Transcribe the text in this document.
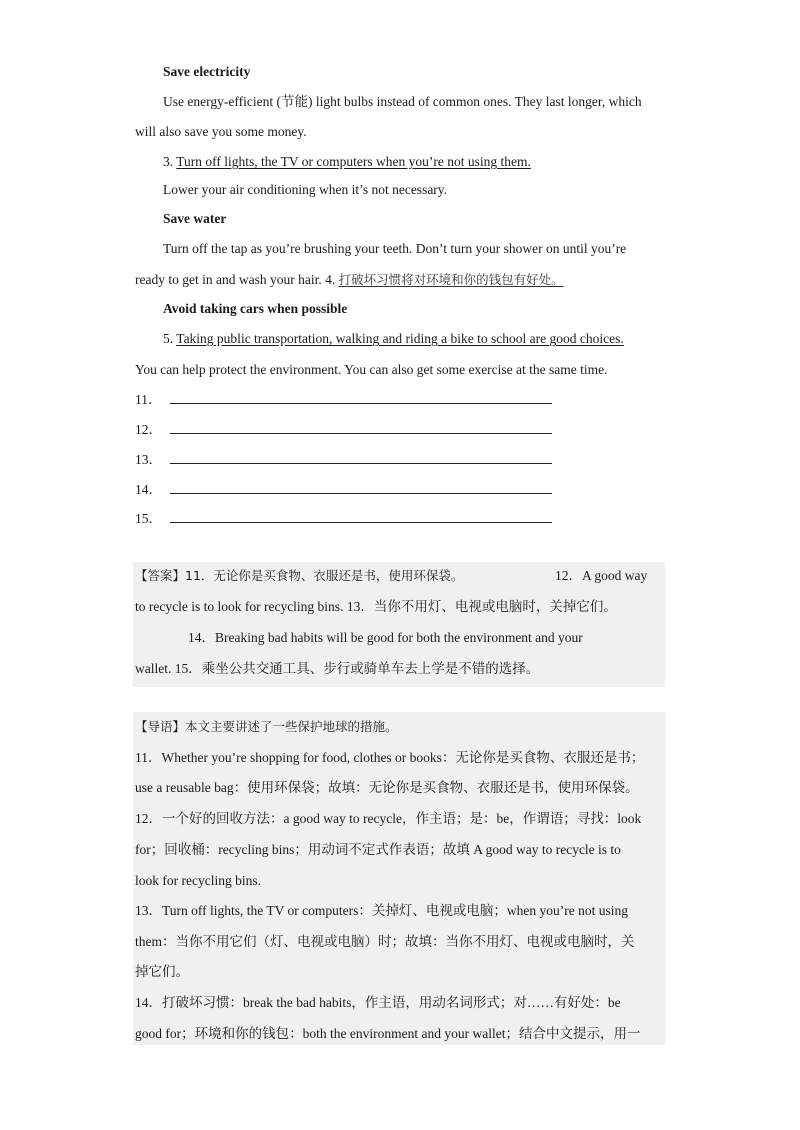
Save electricity
Use energy-efficient (节能) light bulbs instead of common ones. They last longer, which
will also save you some money.
3. Turn off lights, the TV or computers when you’re not using them.
Lower your air conditioning when it’s not necessary.
Save water
Turn off the tap as you’re brushing your teeth. Don’t turn your shower on until you’re
ready to get in and wash your hair. 4. 打破坏习惯将对环境和你的钱包有好处。
Avoid taking cars when possible
5. Taking public transportation, walking and riding a bike to school are good choices.
You can help protect the environment. You can also get some exercise at the same time.
11．
12．
13．
14．
15．
【答案】11．无论你是买食物、衣服还是书，使用环保袋。	12．A good way
to recycle is to look for recycling bins. 13．当你不用灯、电视或电脑时，关掉它们。
14．Breaking bad habits will be good for both the environment and your
wallet. 15．乘坐公共交通工具、步行或骑单车去上学是不错的选择。
【导语】本文主要讲述了一些保护地球的措施。
11．Whether you’re shopping for food, clothes or books：无论你是买食物、衣服还是书；
use a reusable bag：使用环保袋；故填：无论你是买食物、衣服还是书，使用环保袋。
12．一个好的回收方法：a good way to recycle，作主语；是：be，作谓语；寻找：look
for；回收桶：recycling bins；用动词不定式作表语；故填 A good way to recycle is to
look for recycling bins.
13．Turn off lights, the TV or computers：关掉灯、电视或电脑；when you’re not using
them：当你不用它们（灯、电视或电脑）时；故填：当你不用灯、电视或电脑时，关
掉它们。
14．打破坏习惯：break the bad habits，作主语，用动名词形式；对……有好处：be
good for；环境和你的钱包：both the environment and your wallet；结合中文提示，用一
